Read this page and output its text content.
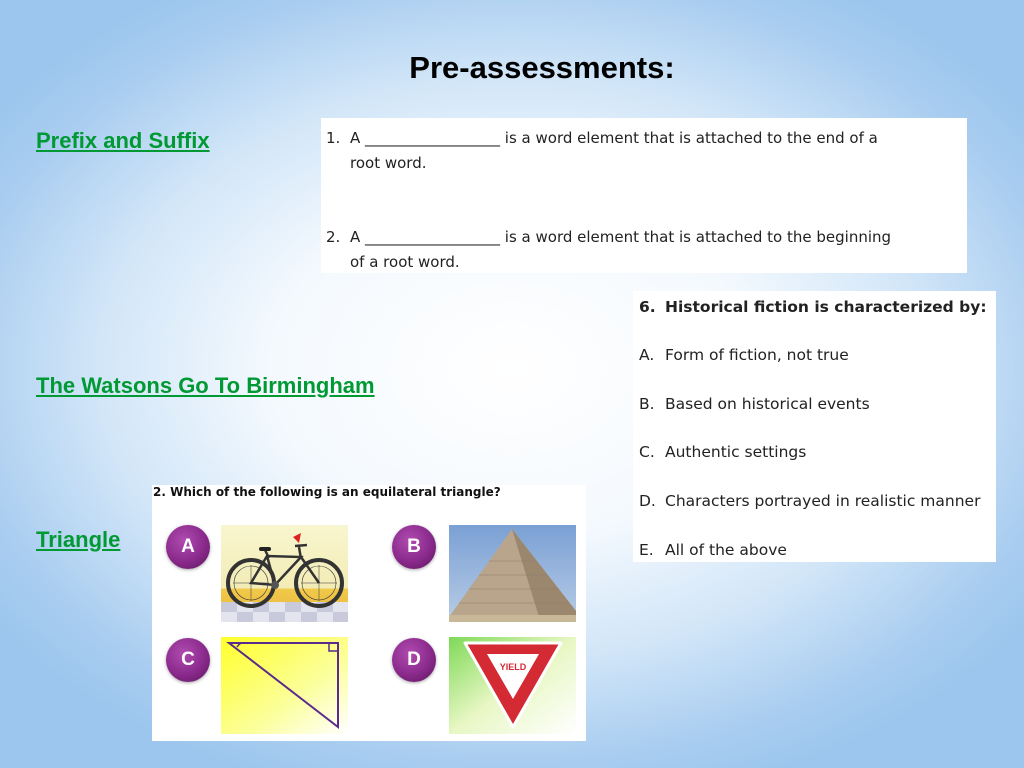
Pre-assessments:
Prefix and Suffix
The Watsons Go To Birmingham
Triangle
1. A __________________ is a word element that is attached to the end of a
root word.
2. A __________________ is a word element that is attached to the beginning
of a root word.
6. Historical fiction is characterized by:
A. Form of fiction, not true
B. Based on historical events
C. Authentic settings
D. Characters portrayed in realistic manner
E. All of the above
2. Which of the following is an equilateral triangle?
A	B
C	D	YIELD
